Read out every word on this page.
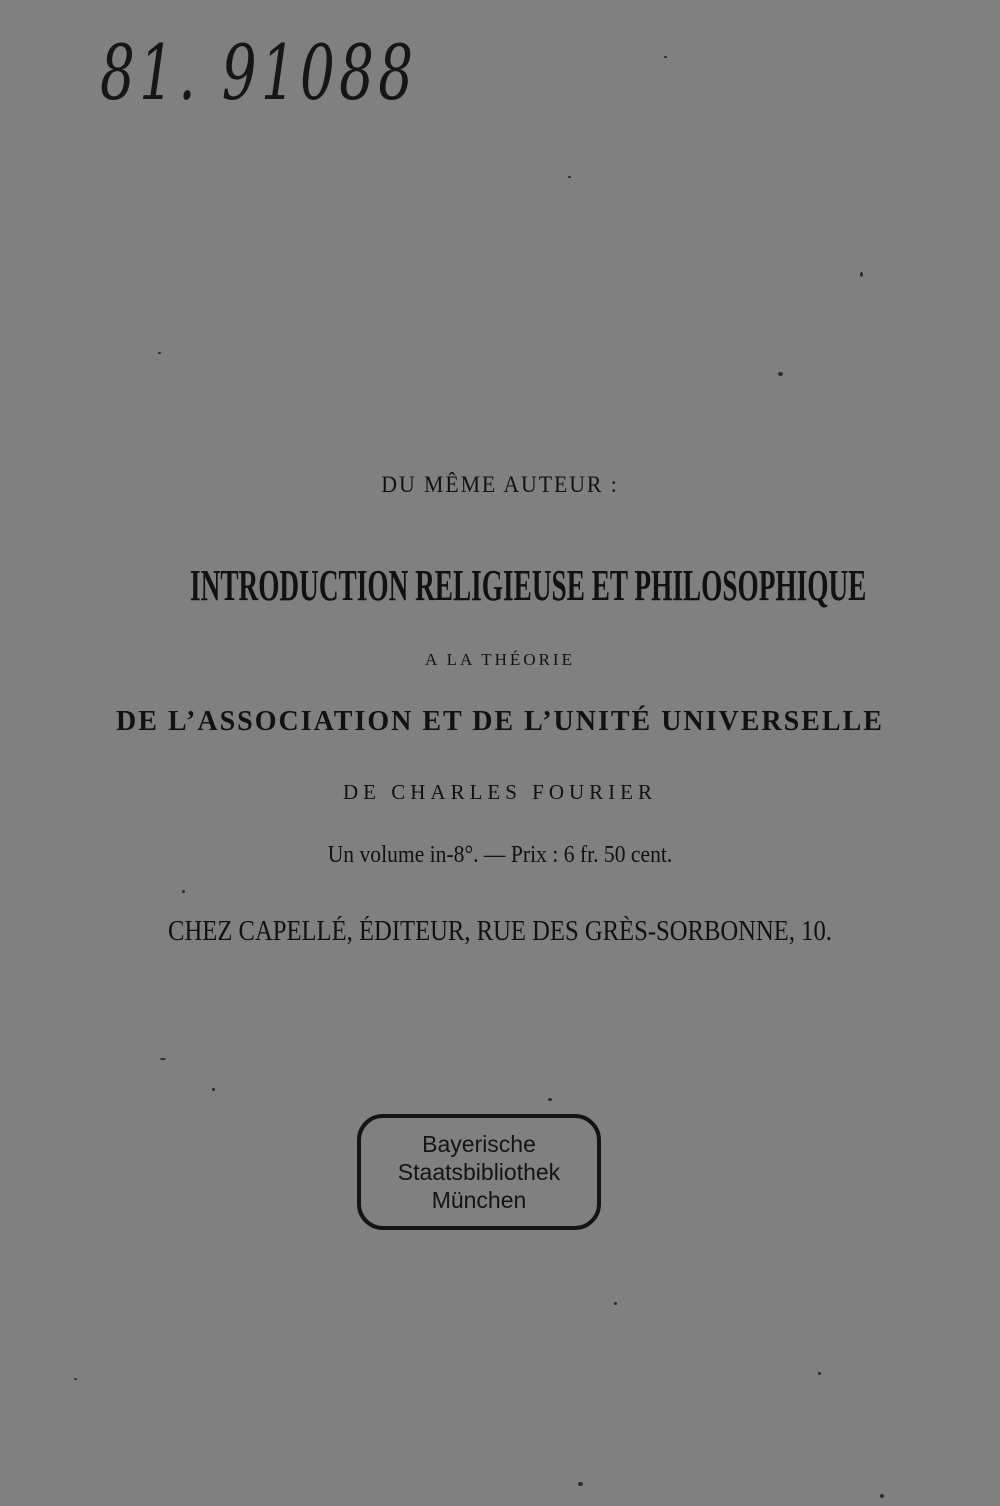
81. 91088
DU MÊME AUTEUR :
INTRODUCTION RELIGIEUSE ET PHILOSOPHIQUE
A LA THÉORIE
DE L’ASSOCIATION ET DE L’UNITÉ UNIVERSELLE
DE CHARLES FOURIER
Un volume in-8°. — Prix : 6 fr. 50 cent.
CHEZ CAPELLÉ, ÉDITEUR, RUE DES GRÈS-SORBONNE, 10.
Bayerische
Staatsbibliothek
München
